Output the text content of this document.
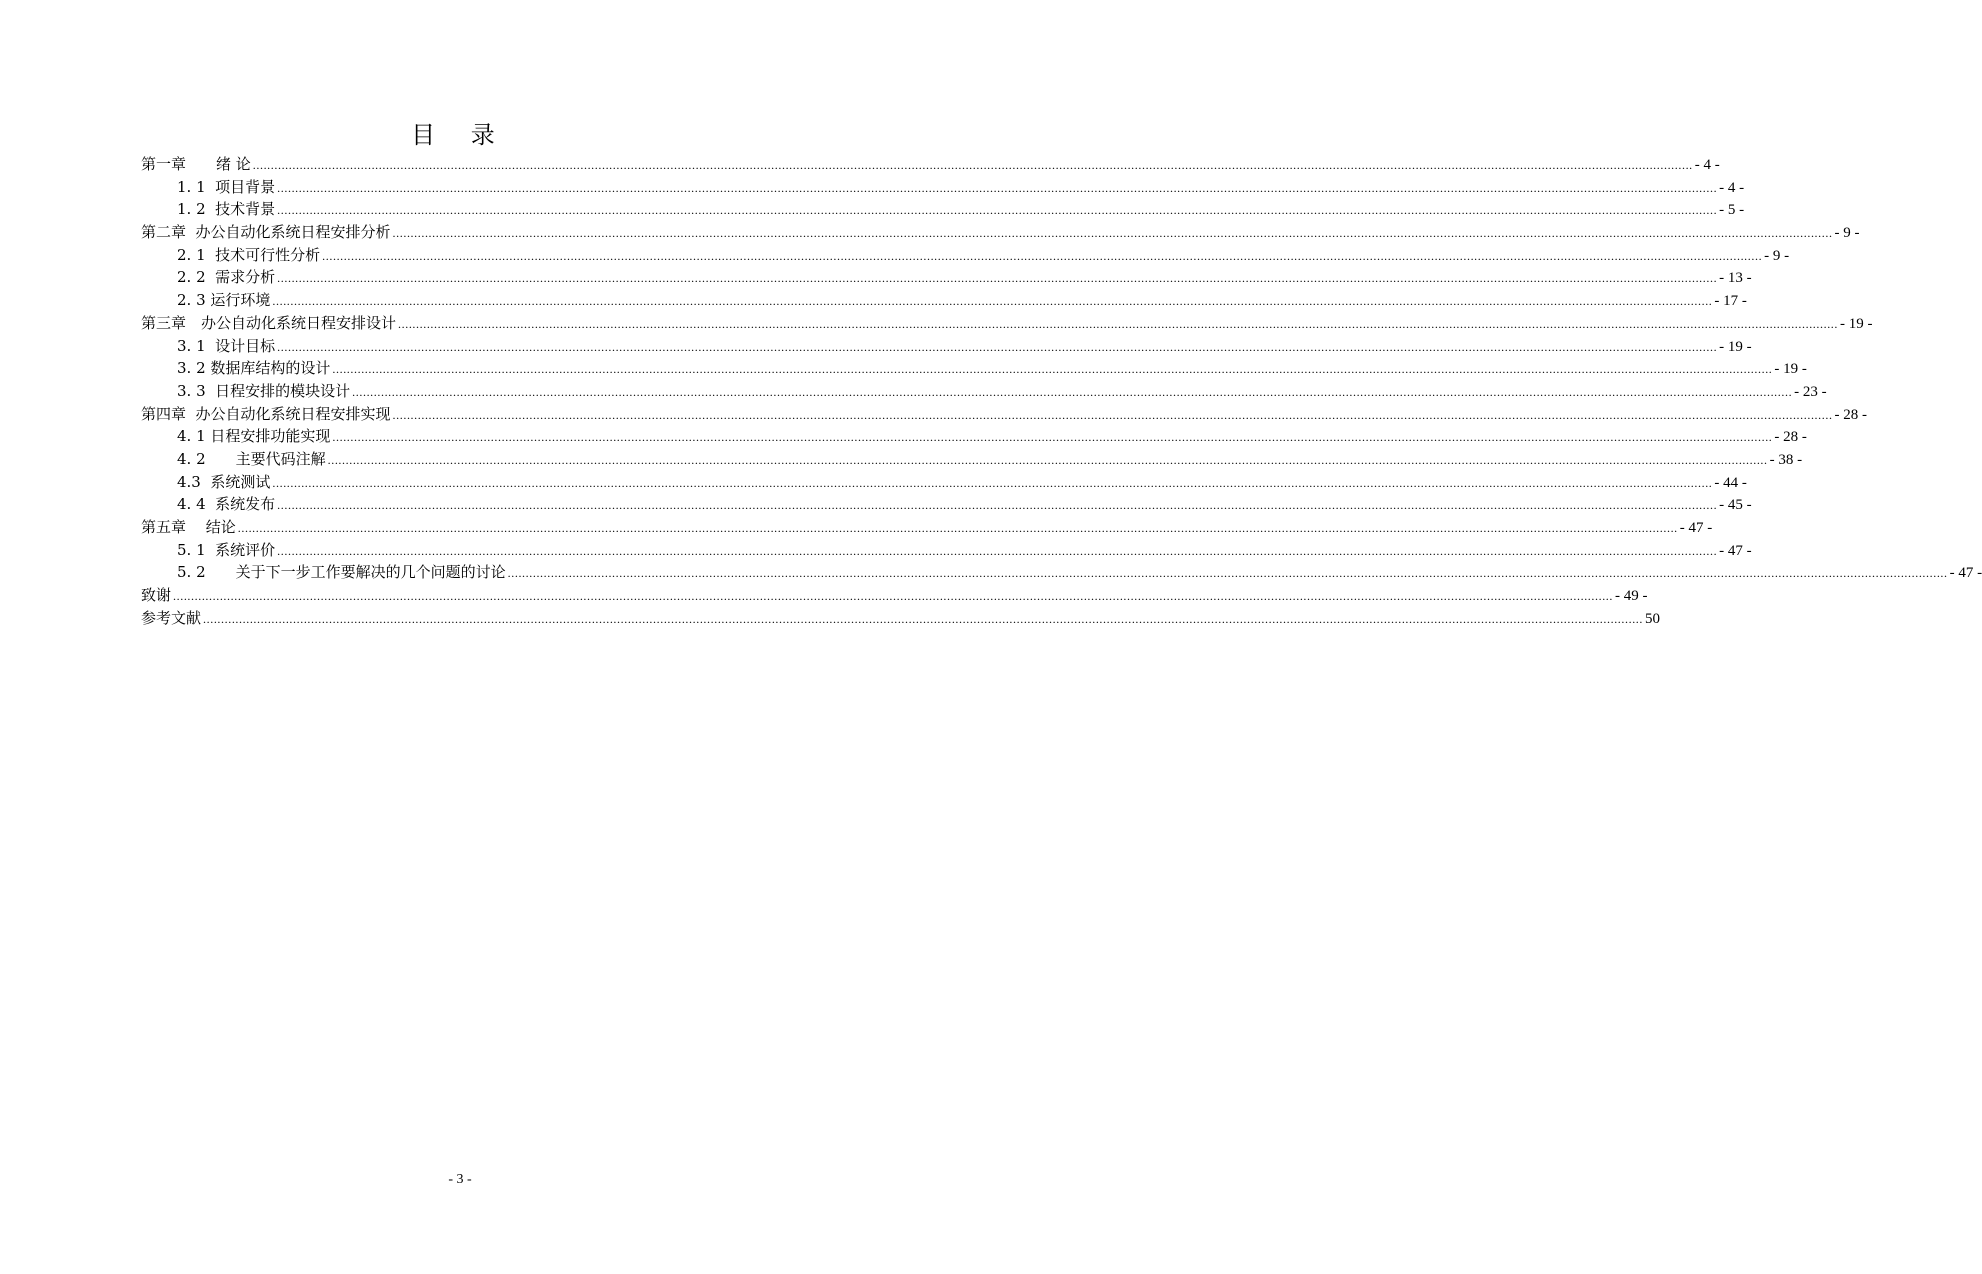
目 录
第一章　　绪 论 ................................................................................................................................................................................................................................................................................................................................................................................................................ - 4 -
1. 1  项目背景 ................................................................................................................................................................................................................................................................................................................................................................................................................ - 4 -
1. 2  技术背景 ................................................................................................................................................................................................................................................................................................................................................................................................................ - 5 -
第二章  办公自动化系统日程安排分析 ................................................................................................................................................................................................................................................................................................................................................................................................................ - 9 -
2. 1  技术可行性分析 ................................................................................................................................................................................................................................................................................................................................................................................................................ - 9 -
2. 2  需求分析 ................................................................................................................................................................................................................................................................................................................................................................................................................ - 13 -
2. 3 运行环境 ................................................................................................................................................................................................................................................................................................................................................................................................................ - 17 -
第三章　办公自动化系统日程安排设计 ................................................................................................................................................................................................................................................................................................................................................................................................................ - 19 -
3. 1  设计目标 ................................................................................................................................................................................................................................................................................................................................................................................................................ - 19 -
3. 2 数据库结构的设计 ................................................................................................................................................................................................................................................................................................................................................................................................................ - 19 -
3. 3  日程安排的模块设计 ................................................................................................................................................................................................................................................................................................................................................................................................................ - 23 -
第四章  办公自动化系统日程安排实现 ................................................................................................................................................................................................................................................................................................................................................................................................................ - 28 -
4. 1 日程安排功能实现 ................................................................................................................................................................................................................................................................................................................................................................................................................ - 28 -
4. 2　　主要代码注解 ................................................................................................................................................................................................................................................................................................................................................................................................................ - 38 -
4.3  系统测试 ................................................................................................................................................................................................................................................................................................................................................................................................................ - 44 -
4. 4  系统发布 ................................................................................................................................................................................................................................................................................................................................................................................................................ - 45 -
第五章　 结论 ................................................................................................................................................................................................................................................................................................................................................................................................................ - 47 -
5. 1  系统评价 ................................................................................................................................................................................................................................................................................................................................................................................................................ - 47 -
5. 2　　关于下一步工作要解决的几个问题的讨论 ................................................................................................................................................................................................................................................................................................................................................................................................................ - 47 -
致谢 ................................................................................................................................................................................................................................................................................................................................................................................................................ - 49 -
参考文献 ................................................................................................................................................................................................................................................................................................................................................................................................................ 50
- 3 -
